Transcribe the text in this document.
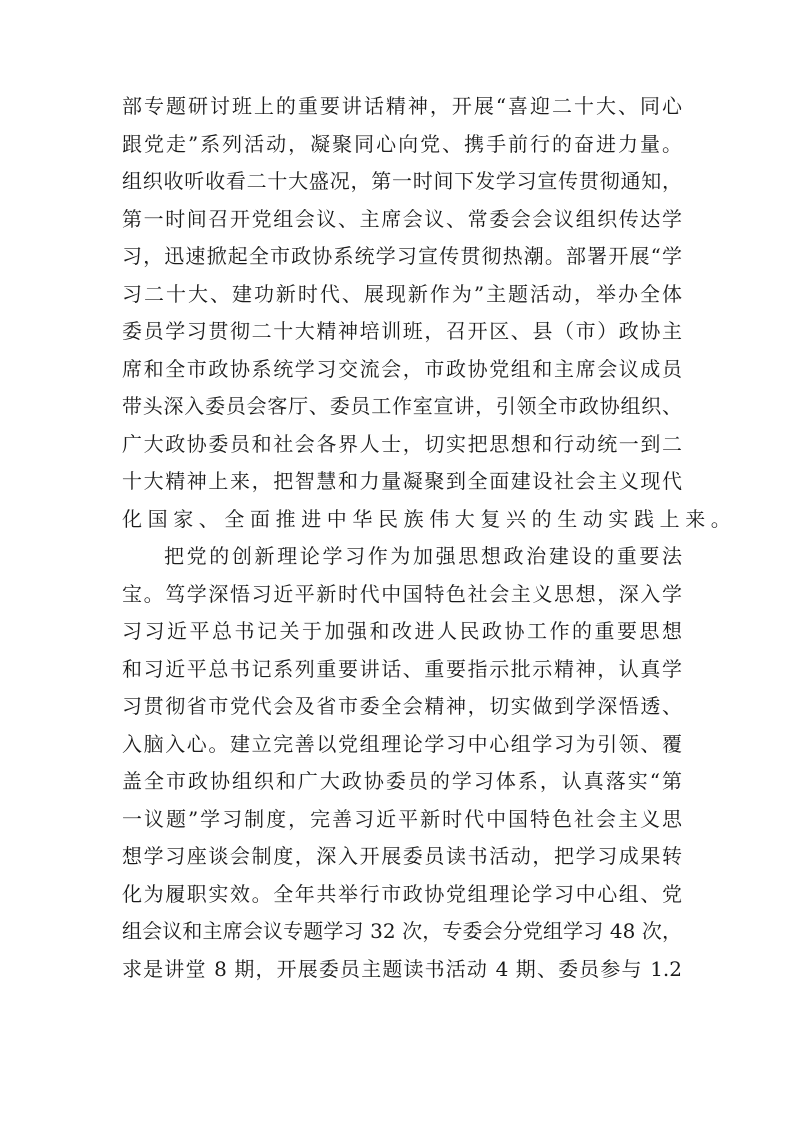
部专题研讨班上的重要讲话精神，开展“喜迎二十大、同心
跟党走”系列活动，凝聚同心向党、携手前行的奋进力量。
组织收听收看二十大盛况，第一时间下发学习宣传贯彻通知，
第一时间召开党组会议、主席会议、常委会会议组织传达学
习，迅速掀起全市政协系统学习宣传贯彻热潮。部署开展“学
习二十大、建功新时代、展现新作为”主题活动，举办全体
委员学习贯彻二十大精神培训班，召开区、县（市）政协主
席和全市政协系统学习交流会，市政协党组和主席会议成员
带头深入委员会客厅、委员工作室宣讲，引领全市政协组织、
广大政协委员和社会各界人士，切实把思想和行动统一到二
十大精神上来，把智慧和力量凝聚到全面建设社会主义现代
化国家、全面推进中华民族伟大复兴的生动实践上来。
把党的创新理论学习作为加强思想政治建设的重要法
宝。笃学深悟习近平新时代中国特色社会主义思想，深入学
习习近平总书记关于加强和改进人民政协工作的重要思想
和习近平总书记系列重要讲话、重要指示批示精神，认真学
习贯彻省市党代会及省市委全会精神，切实做到学深悟透、
入脑入心。建立完善以党组理论学习中心组学习为引领、覆
盖全市政协组织和广大政协委员的学习体系，认真落实“第
一议题”学习制度，完善习近平新时代中国特色社会主义思
想学习座谈会制度，深入开展委员读书活动，把学习成果转
化为履职实效。全年共举行市政协党组理论学习中心组、党
组会议和主席会议专题学习 32 次，专委会分党组学习 48 次，
求是讲堂 8 期，开展委员主题读书活动 4 期、委员参与 1.2
